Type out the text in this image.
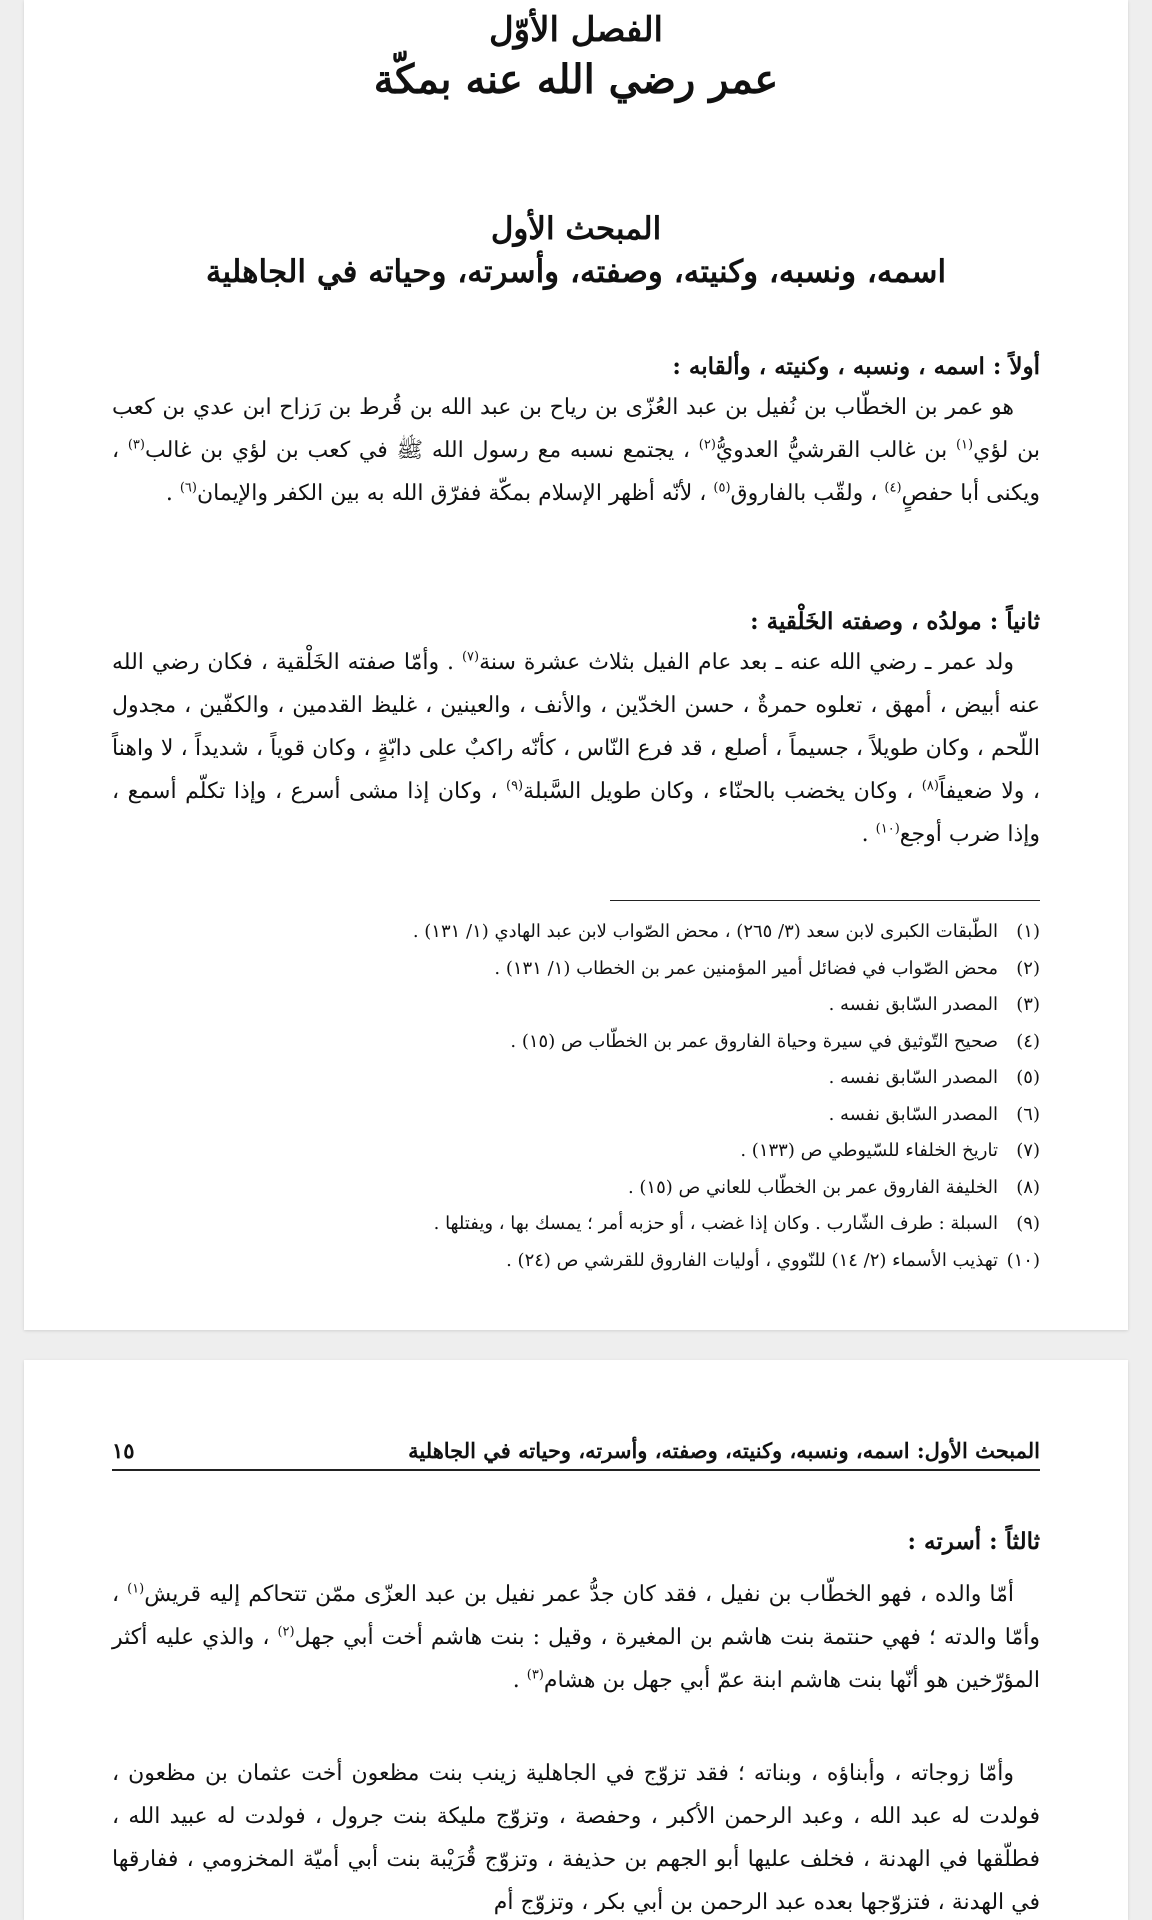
الفصل الأوّل
عمر رضي الله عنه بمكّة
المبحث الأول
اسمه، ونسبه، وكنيته، وصفته، وأسرته، وحياته في الجاهلية

أولاً : اسمه ، ونسبه ، وكنيته ، وألقابه :

هو عمر بن الخطّاب بن نُفيل بن عبد العُزّى بن رياح بن عبد الله بن قُرط بن رَزاح ابن عدي بن كعب بن لؤي$^{(١)}$ بن غالب القرشيُّ العدويُّ$^{(٢)}$ ، يجتمع نسبه مع رسول الله ﷺ في كعب بن لؤي بن غالب$^{(٣)}$ ، ويكنى أبا حفصٍ$^{(٤)}$ ، ولقّب بالفاروق$^{(٥)}$ ، لأنّه أظهر الإسلام بمكّة ففرّق الله به بين الكفر والإيمان$^{(٦)}$ .

ثانياً : مولدُه ، وصفته الخَلْقية :

ولد عمر ـ رضي الله عنه ـ بعد عام الفيل بثلاث عشرة سنة$^{(٧)}$ . وأمّا صفته الخَلْقية ، فكان رضي الله عنه أبيض ، أمهق ، تعلوه حمرةٌ ، حسن الخدّين ، والأنف ، والعينين ، غليظ القدمين ، والكفّين ، مجدول اللّحم ، وكان طويلاً ، جسيماً ، أصلع ، قد فرع النّاس ، كأنّه راكبٌ على دابّةٍ ، وكان قوياً ، شديداً ، لا واهناً ، ولا ضعيفاً$^{(٨)}$ ، وكان يخضب بالحنّاء ، وكان طويل السَّبلة$^{(٩)}$ ، وكان إذا مشى أسرع ، وإذا تكلّم أسمع ، وإذا ضرب أوجع$^{(١٠)}$ .

(١)الطّبقات الكبرى لابن سعد (٣/ ٢٦٥) ، محض الصّواب لابن عبد الهادي (١/ ١٣١) .
(٢)محض الصّواب في فضائل أمير المؤمنين عمر بن الخطاب (١/ ١٣١) .
(٣)المصدر السّابق نفسه .
(٤)صحيح التّوثيق في سيرة وحياة الفاروق عمر بن الخطّاب ص (١٥) .
(٥)المصدر السّابق نفسه .
(٦)المصدر السّابق نفسه .
(٧)تاريخ الخلفاء للسّيوطي ص (١٣٣) .
(٨)الخليفة الفاروق عمر بن الخطّاب للعاني ص (١٥) .
(٩)السبلة : طرف الشّارب . وكان إذا غضب ، أو حزبه أمر ؛ يمسك بها ، ويفتلها .
(١٠)تهذيب الأسماء (٢/ ١٤) للنّووي ، أوليات الفاروق للقرشي ص (٢٤) .
المبحث الأول: اسمه، ونسبه، وكنيته، وصفته، وأسرته، وحياته في الجاهلية
١٥

ثالثاً : أسرته :

أمّا والده ، فهو الخطّاب بن نفيل ، فقد كان جدُّ عمر نفيل بن عبد العزّى ممّن تتحاكم إليه قريش$^{(١)}$ ، وأمّا والدته ؛ فهي حنتمة بنت هاشم بن المغيرة ، وقيل : بنت هاشم أخت أبي جهل$^{(٢)}$ ، والذي عليه أكثر المؤرّخين هو أنّها بنت هاشم ابنة عمّ أبي جهل بن هشام$^{(٣)}$ .

وأمّا زوجاته ، وأبناؤه ، وبناته ؛ فقد تزوّج في الجاهلية زينب بنت مظعون أخت عثمان بن مظعون ، فولدت له عبد الله ، وعبد الرحمن الأكبر ، وحفصة ، وتزوّج مليكة بنت جرول ، فولدت له عبيد الله ، فطلّقها في الهدنة ، فخلف عليها أبو الجهم بن حذيفة ، وتزوّج قُرَيْبة بنت أبي أميّة المخزومي ، ففارقها في الهدنة ، فتزوّجها بعده عبد الرحمن بن أبي بكر ، وتزوّج أم
